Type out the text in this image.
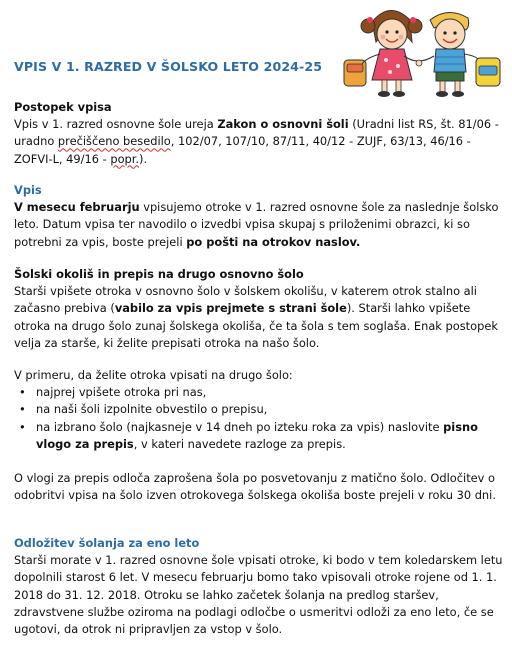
VPIS V 1. RAZRED V ŠOLSKO LETO 2024-25

Postopek vpisa

Vpis v 1. razred osnovne šole ureja Zakon o osnovni šoli (Uradni list RS, št. 81/06 - uradno prečiščeno besedilo, 102/07, 107/10, 87/11, 40/12 - ZUJF, 63/13, 46/16 - ZOFVI-L, 49/16 - popr.).

Vpis

V mesecu februarju vpisujemo otroke v 1. razred osnovne šole za naslednje šolsko leto. Datum vpisa ter navodilo o izvedbi vpisa skupaj s priloženimi obrazci, ki so potrebni za vpis, boste prejeli po pošti na otrokov naslov.

Šolski okoliš in prepis na drugo osnovno šolo

Starši vpišete otroka v osnovno šolo v šolskem okolišu, v katerem otrok stalno ali začasno prebiva (vabilo za vpis prejmete s strani šole). Starši lahko vpišete otroka na drugo šolo zunaj šolskega okoliša, če ta šola s tem soglaša. Enak postopek velja za starše, ki želite prepisati otroka na našo šolo.

V primeru, da želite otroka vpisati na drugo šolo:

• najprej vpišete otroka pri nas,
• na naši šoli izpolnite obvestilo o prepisu,
• na izbrano šolo (najkasneje v 14 dneh po izteku roka za vpis) naslovite pisno vlogo za prepis, v kateri navedete razloge za prepis.

O vlogi za prepis odloča zaprošena šola po posvetovanju z matično šolo. Odločitev o odobritvi vpisa na šolo izven otrokovega šolskega okoliša boste prejeli v roku 30 dni.

Odložitev šolanja za eno leto

Starši morate v 1. razred osnovne šole vpisati otroke, ki bodo v tem koledarskem letu dopolnili starost 6 let. V mesecu februarju bomo tako vpisovali otroke rojene od 1. 1. 2018 do 31. 12. 2018. Otroku se lahko začetek šolanja na predlog staršev, zdravstvene službe oziroma na podlagi odločbe o usmeritvi odloži za eno leto, če se ugotovi, da otrok ni pripravljen za vstop v šolo.
